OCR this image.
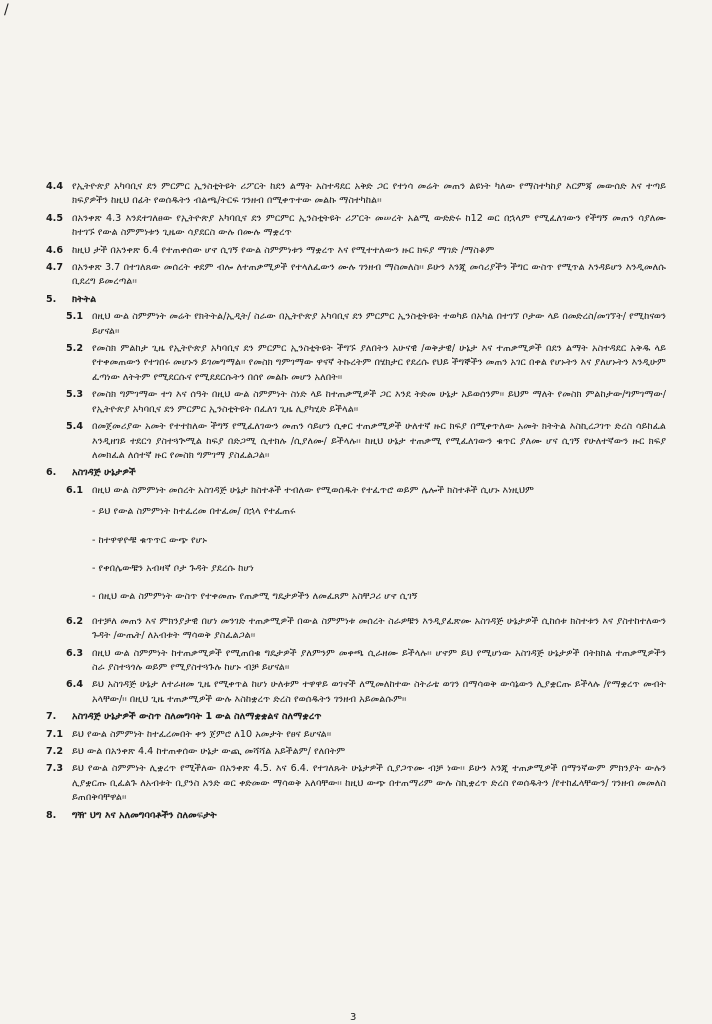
/
4.4 የኢትዮጵያ አካባቢና ደን ምርምር ኢንስቲትዩት ሪፖርት ከደን ልማት አስተዳደር አቅድ ጋር የተነሳ መሬት መጠን ልዩነት ካለው የማስተካከያ እርምጃ መውሰድ እና ተጣይ ክፍያዎችን ከዚህ በፊት የወሰዱትን ብልጫ/ትርፍ ገንዘብ በሚቀጥተው መልኩ ማስተካከል፡፡
4.5 በአንቀጽ 4.3 እንደተገለፀው የኢትዮጵያ አካባቢና ደን ምርምር ኢንስቲትዩት ሪፖርት መሠረት አልሚ ውድድሩ ከ12 ወር በኋላም የሚፈለገውን የችግኝ መጠን ሳያለሙ ከተገኙ የውል ስምምነቱን ጊዜው ሳያደርስ ውሉ በሙሉ ማቋረጥ
4.6 ከዚህ ታች በአንቀጽ 6.4 የተጠቀሰው ሆኖ ሲገኝ የውል ስምምነቱን ማቋረጥ እና የሚተተለውን ዙር ክፍያ ማገድ /ማስቆም
4.7 በአንቀጽ 3.7 በተገለጸው መሰረት ቀደም ብሎ ለተጠቃሚዎች የተላለፈውን ሙሉ ገንዘብ ማስመለስ፡፡ ይሁን እንጂ መሳሪያችን ችግር ውስጥ የሚጥል እንዳይሆን እንዲመለሱ ቢደረግ ይመረጣል፡፡
5. ክትትል
5.1 በዚህ ውል ስምምነት መሬት የክትትል/ኢዲት/ ስራው በኢትዮጵያ አካባቢና ደን ምርምር ኢንስቲትዩት ተወካይ በአካል በተገኘ ቦታው ላይ በመድረስ/መገኘት/ የሚከናወን ይሆናል፡፡
5.2 የመስክ ምልከታ ጊዜ የኢትዮጵያ አካባቢና ደን ምርምር ኢንስቲትዩት ችግኙ ያለበትን አሁናዊ /ወቅታዊ/ ሁኔታ እና ተጠቃሚዎች በደን ልማት አስተዳደር አቅዱ ላይ የተቀመጠውን የተገበሩ መሆኑን ይገመግማል፡፡ የመስክ ግምገማው ዋናኛ ትኩረትም በሄክታር የደረሱ የህይ ችግኞችን መጠን አገር በቀል የሆኑትን እና ያለሆኑትን እንዲሁም ፈጣነው ለትትም የሚደርሱና የሚደደርሱትን በሰየ መልኩ መሆን አለበት፡፡
5.3 የመስክ ግምገማው ተጎ እና ሰዓት በዚህ ውል ስምምነት ስነድ ላይ ከተጠቃሚዎች ጋር እንደ ትድመ ሁኔታ አይወሰንም፡፡ ይህም ማለት የመስክ ምልከታው/ግምገማው/ የኢትዮጵያ አካባቢና ደን ምርምር ኢንስቲትዩት በፈለገ ጊዜ ሊያካሂድ ይችላል፡፡
5.4 በመጀመሪያው አመት የተተከለው ችግኝ የሚፈለገውን መጠን ሳይሆን ሲቀር ተጠቃሚዎች ሁለተኛ ዙር ክፍያ በሚቀጥለው አመት ክትትል እስኪረጋገጥ ድረስ ሳይከፈል እንዲዘገይ ተደርጎ ያስተጓጕሚል ከፍያ በድጋሚ ሲተክሉ /ሲያለሙ/ ይችላሉ፡፡ ከዚህ ሁኔታ ተጠቃሚ የሚፈለገውን ቁጥር ያለሙ ሆና ሲገኝ የሁለተኛውን ዙር ክፍያ ለመክፈል ለሰተኛ ዙር የመስክ ግምገማ ያስፈልጋል፡፡
6. አስገዳጅ ሁኔታዎች
6.1 በዚህ ውል ስምምነት መሰረት አስገዳጅ ሁኔታ ክስተቶች ተብለው የሚወሰዱት የተፈጥሮ ወይም ሌሎች ክስተቶች ሲሆኑ እነዚህም
- ይህ የውል ስምምነት ከተፈረመ በተፈመ/ በኋላ የተፈጠሩ
- ከተዋዋዮቹ ቁጥጥር ውጭ የሆኑ
- የቀበሌውቹን አብዛኛ ቦታ ጉዳት ያደረሱ ከሆነ
- በዚህ ውል ስምምነት ውስጥ የተቀመጡ የጠቃሚ ግዴታዎችን ለመፈጸም አስቸጋሪ ሆኖ ሲገኝ
6.2 በተቻለ መጠን እና ምክንያታዊ በሆነ መንገድ ተጠቃሚዎች በውል ስምምነቱ መሰረት ስራዎቹን እንዲያፈጽሙ አስገዳጅ ሁኔታዎች ሲከሰቱ ክስተቱን እና ያስተከተለውን ጉዳት /ውጤት/ ለአብቱት ማሳወቅ ያስፈልጋል፡፡
6.3 በዚህ ውል ስምምነት ከተጠቃሚዎች የሚጠበቁ ግዴታዎች ያለምንም መቀጫ ሲራዘሙ ይችላሉ፡፡ ሆኖም ይህ የሚሆነው አስገዳጅ ሁኔታዎች በትክክል ተጠቃሚዎችን ስራ ያስተጓጎሉ ወይም የሚያስተጓጉሉ ከሆኑ ብቻ ይሆናል፡፡
6.4 ይህ አስገዳጅ ሁኔታ ለተራዘመ ጊዜ የሚቀጥል ከሆነ ሁለቱም ተዋዋይ ወገኖች ለሚመለከተው ስትራቴ ወገን በማሳወቅ ውሳኔውን ሊያቋርጡ ይችላሉ /የማቋረጥ መብት አላቸው/፡፡ በዚህ ጊዜ ተጠቃሚዎች ውሉ እስከቋረጥ ድረስ የወሰዱትን ገንዘብ አይመልሱም፡፡
7. አስገዳጅ ሁኔታዎች ውስጥ ስለመግባት 1 ውል ስለማቋቋልና ስለማቋረጥ
7.1 ይህ የውል ስምምነት ከተፈረመበት ቀን ጀምሮ ለ10 አመታት የፀና ይሆናል፡፡
7.2 ይህ ውል በአንቀጽ 4.4 ከተጠቀሰው ሁኔታ ውጪ መሻሻል አይችልም/ የለበትም
7.3 ይህ የውል ስምምነት ሊቋረጥ የሚችለው በአንቀጽ 4.5. እና 6.4. የተገለጹት ሁኔታዎች ሲያጋጥሙ ብቻ ነው፡፡ ይሁን እንጂ ተጠቃሚዎች በማንኛውም ምክንያት ውሉን ሊያቋርጡ ቢፈልጉ ለአብቱት ቢያንስ አንድ ወር ቀድመው ማሳወቅ አለባቸው፡፡ ከዚህ ውጭ በተጠማሪም ውሉ ስኪቋረጥ ድረስ የወሰዱትን /የተከፈላቸውን/ ገንዘብ መመለስ ይጠበቅባቸዋል፡፡
8. ግዥ ህግ እና አለመግባባቶችን ስለመፍታት
3
